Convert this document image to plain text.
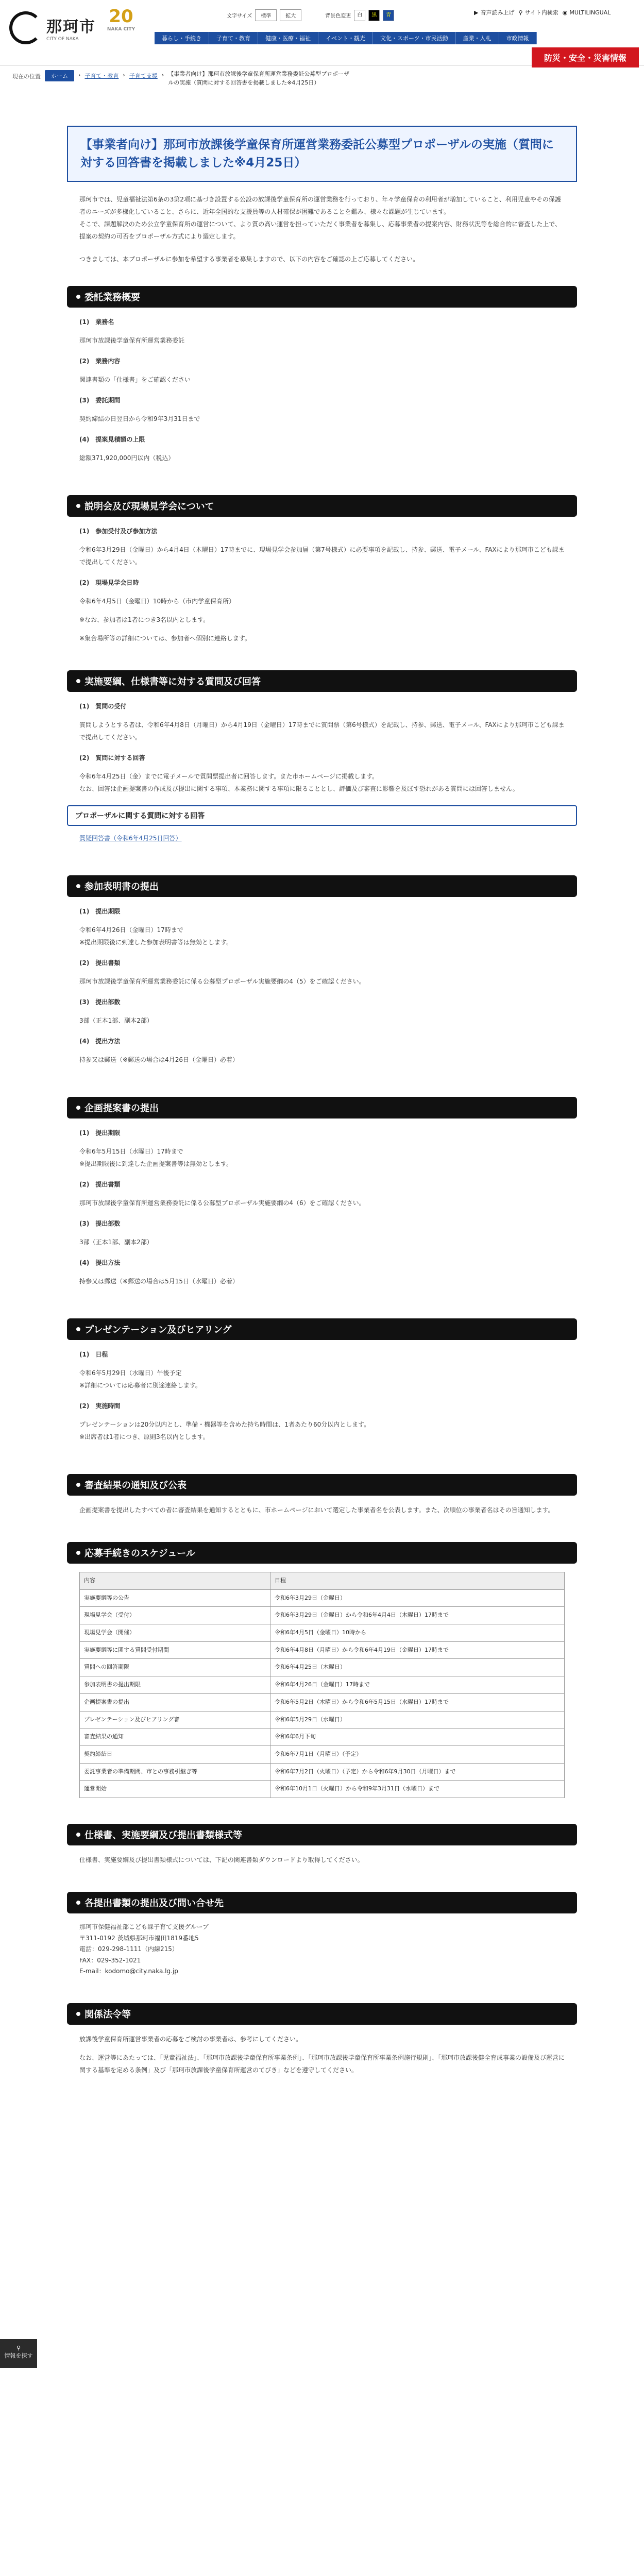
那珂市
CITY OF NAKA
20
NAKA CITY
文字サイズ	標準	拡大	背景色変更	白	黒	青	▶ 音声読み上げ ⚲ サイト内検索 ◉ MULTILINGUAL
暮らし・手続き	子育て・教育	健康・医療・福祉	イベント・観光	文化・スポーツ・市民活動	産業・入札	市政情報
防災・安全・災害情報
現在の位置	ホーム	› 子育て・教育 › 子育て支援 › 【事業者向け】那珂市放課後学童保育所運営業務委託公募型プロポーザルの実施（質問に対する回答書を掲載しました※4月25日）
【事業者向け】那珂市放課後学童保育所運営業務委託公募型プロポーザルの実施（質問に対する回答書を掲載しました※4月25日）

那珂市では、児童福祉法第6条の3第2項に基づき設置する公設の放課後学童保育所の運営業務を行っており、年々学童保育の利用者が増加していること、利用児童やその保護者のニーズが多様化していること、さらに、近年全国的な支援員等の人材確保が困難であることを鑑み、様々な課題が生じています。

そこで、課題解決のため公立学童保育所の運営について、より質の高い運営を担っていただく事業者を募集し、応募事業者の提案内容、財務状況等を総合的に審査した上で、提案の契約の可否をプロポーザル方式により選定します。

つきましては、本プロポーザルに参加を希望する事業者を募集しますので、以下の内容をご確認の上ご応募してください。

委託業務概要
(1)　業務名

那珂市放課後学童保育所運営業務委託

(2)　業務内容

関連書類の「仕様書」をご確認ください

(3)　委託期間

契約締結の日翌日から令和9年3月31日まで

(4)　提案見積額の上限

総額371,920,000円以内（税込）

説明会及び現場見学会について
(1)　参加受付及び参加方法

令和6年3月29日（金曜日）から4月4日（木曜日）17時までに、現場見学会参加届（第7号様式）に必要事項を記載し、持参、郵送、電子メール、FAXにより那珂市こども課まで提出してください。

(2)　現場見学会日時

令和6年4月5日（金曜日）10時から（市内学童保育所）

※なお、参加者は1者につき3名以内とします。

※集合場所等の詳細については、参加者へ個別に連絡します。

実施要綱、仕様書等に対する質問及び回答
(1)　質問の受付

質問しようとする者は、令和6年4月8日（月曜日）から4月19日（金曜日）17時までに質問票（第6号様式）を記載し、持参、郵送、電子メール、FAXにより那珂市こども課まで提出してください。

(2)　質問に対する回答

令和6年4月25日（金）までに電子メールで質問票提出者に回答します。また市ホームページに掲載します。

なお、回答は企画提案書の作成及び提出に関する事項、本業務に関する事項に限ることとし、評価及び審査に影響を及ぼす恐れがある質問には回答しません。

プロポーザルに関する質問に対する回答

質疑回答書（令和6年4月25日回答）

参加表明書の提出
(1)　提出期限

令和6年4月26日（金曜日）17時まで

※提出期限後に到達した参加表明書等は無効とします。

(2)　提出書類

那珂市放課後学童保育所運営業務委託に係る公募型プロポーザル実施要綱の4（5）をご確認ください。

(3)　提出部数

3部（正本1部、副本2部）

(4)　提出方法

持参又は郵送（※郵送の場合は4月26日（金曜日）必着）

企画提案書の提出
(1)　提出期限

令和6年5月15日（水曜日）17時まで

※提出期限後に到達した企画提案書等は無効とします。

(2)　提出書類

那珂市放課後学童保育所運営業務委託に係る公募型プロポーザル実施要綱の4（6）をご確認ください。

(3)　提出部数

3部（正本1部、副本2部）

(4)　提出方法

持参又は郵送（※郵送の場合は5月15日（水曜日）必着）

プレゼンテーション及びヒアリング
(1)　日程

令和6年5月29日（水曜日）午後予定

※詳細については応募者に別途連絡します。

(2)　実施時間

プレゼンテーションは20分以内とし、準備・機器等を含めた持ち時間は、1者あたり60分以内とします。

※出席者は1者につき、原則3名以内とします。

審査結果の通知及び公表

企画提案書を提出したすべての者に審査結果を通知するとともに、市ホームページにおいて選定した事業者名を公表します。また、次順位の事業者名はその旨通知します。

応募手続きのスケジュール
内容	日程
実施要綱等の公告	令和6年3月29日（金曜日）
現場見学会（受付）	令和6年3月29日（金曜日）から令和6年4月4日（木曜日）17時まで
現場見学会（開催）	令和6年4月5日（金曜日）10時から
実施要綱等に関する質問受付期間	令和6年4月8日（月曜日）から令和6年4月19日（金曜日）17時まで
質問への回答期限	令和6年4月25日（木曜日）
参加表明書の提出期限	令和6年4月26日（金曜日）17時まで
企画提案書の提出	令和6年5月2日（木曜日）から令和6年5月15日（水曜日）17時まで
プレゼンテーション及びヒアリング審	令和6年5月29日（水曜日）
審査結果の通知	令和6年6月下旬
契約締結日	令和6年7月1日（月曜日）（予定）
委託事業者の準備期間、市との事務引継ぎ等	令和6年7月2日（火曜日）（予定）から令和6年9月30日（月曜日）まで
運営開始	令和6年10月1日（火曜日）から令和9年3月31日（水曜日）まで
仕様書、実施要綱及び提出書類様式等

仕様書、実施要綱及び提出書類様式については、下記の関連書類ダウンロードより取得してください。

各提出書類の提出及び問い合せ先
那珂市保健福祉部こども課子育て支援グループ
〒311-0192 茨城県那珂市福田1819番地5
電話：029-298-1111（内線215）
FAX：029-352-1021
E-mail：kodomo@city.naka.lg.jp
関係法令等

放課後学童保育所運営事業者の応募をご検討の事業者は、参考にしてください。

なお、運営等にあたっては、「児童福祉法」、「那珂市放課後学童保育所事業条例」、「那珂市放課後学童保育所事業条例施行規則」、「那珂市放課後健全育成事業の設備及び運営に関する基準を定める条例」及び「那珂市放課後学童保育所運営のてびき」などを遵守してください。

⚲
情報を探す
